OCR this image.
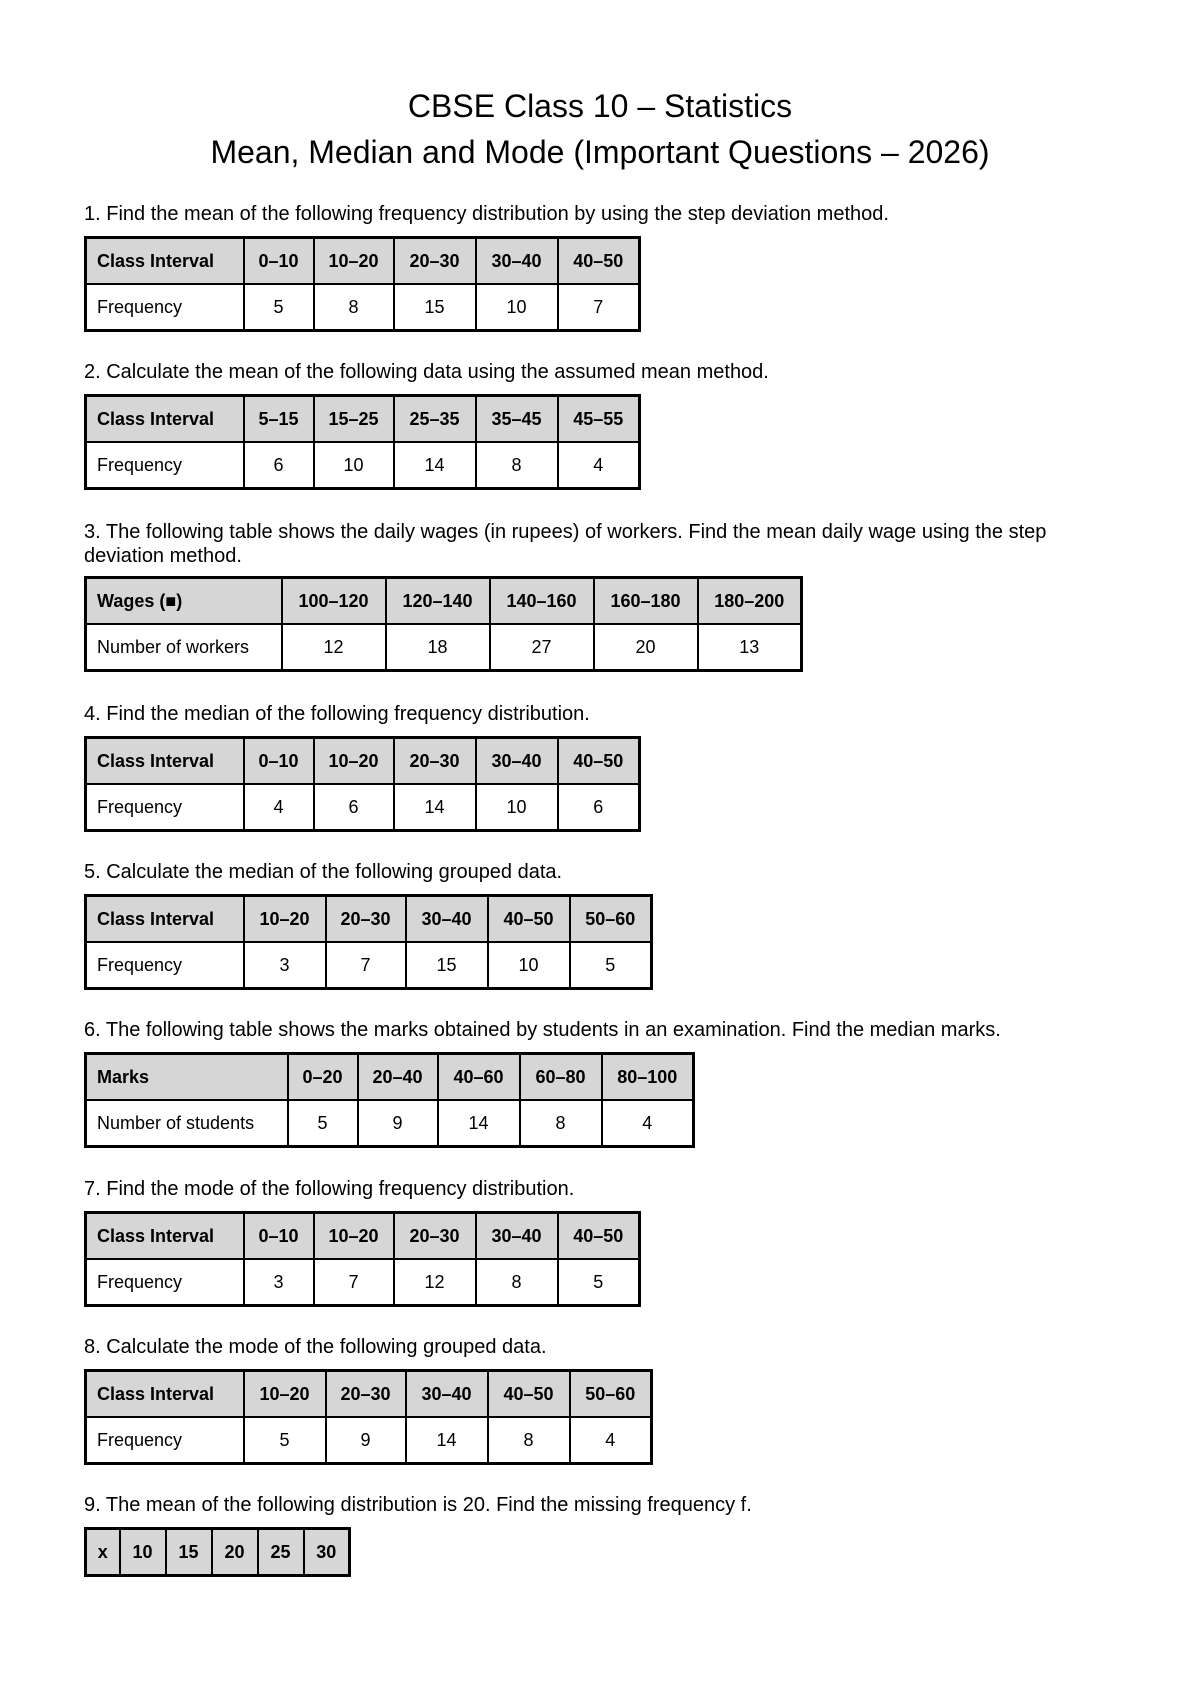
CBSE Class 10 – Statistics
Mean, Median and Mode (Important Questions – 2026)
1. Find the mean of the following frequency distribution by using the step deviation method.
Class Interval	0–10	10–20	20–30	30–40	40–50
Frequency	5	8	15	10	7
2. Calculate the mean of the following data using the assumed mean method.
Class Interval	5–15	15–25	25–35	35–45	45–55
Frequency	6	10	14	8	4
3. The following table shows the daily wages (in rupees) of workers. Find the mean daily wage using the step deviation method.
Wages (■)	100–120	120–140	140–160	160–180	180–200
Number of workers	12	18	27	20	13
4. Find the median of the following frequency distribution.
Class Interval	0–10	10–20	20–30	30–40	40–50
Frequency	4	6	14	10	6
5. Calculate the median of the following grouped data.
Class Interval	10–20	20–30	30–40	40–50	50–60
Frequency	3	7	15	10	5
6. The following table shows the marks obtained by students in an examination. Find the median marks.
Marks	0–20	20–40	40–60	60–80	80–100
Number of students	5	9	14	8	4
7. Find the mode of the following frequency distribution.
Class Interval	0–10	10–20	20–30	30–40	40–50
Frequency	3	7	12	8	5
8. Calculate the mode of the following grouped data.
Class Interval	10–20	20–30	30–40	40–50	50–60
Frequency	5	9	14	8	4
9. The mean of the following distribution is 20. Find the missing frequency f.
x	10	15	20	25	30
